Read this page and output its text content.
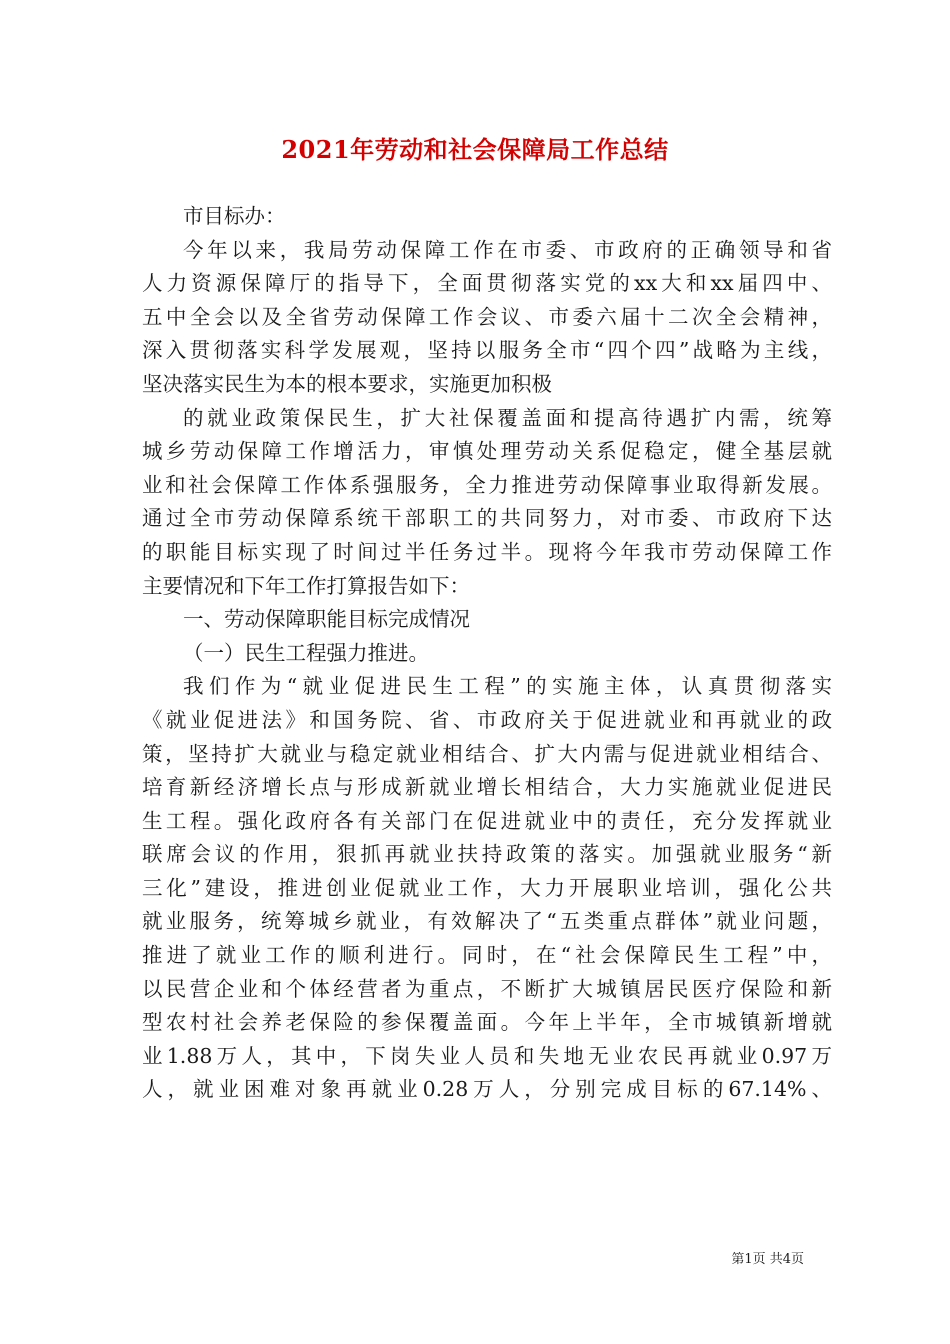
2021年劳动和社会保障局工作总结
市目标办：
今年以来，我局劳动保障工作在市委、市政府的正确领导和省
人力资源保障厅的指导下，全面贯彻落实党的xx大和xx届四中、
五中全会以及全省劳动保障工作会议、市委六届十二次全会精神，
深入贯彻落实科学发展观，坚持以服务全市“四个四”战略为主线，
坚决落实民生为本的根本要求，实施更加积极
的就业政策保民生，扩大社保覆盖面和提高待遇扩内需，统筹
城乡劳动保障工作增活力，审慎处理劳动关系促稳定，健全基层就
业和社会保障工作体系强服务，全力推进劳动保障事业取得新发展。
通过全市劳动保障系统干部职工的共同努力，对市委、市政府下达
的职能目标实现了时间过半任务过半。现将今年我市劳动保障工作
主要情况和下年工作打算报告如下：
一、劳动保障职能目标完成情况
（一）民生工程强力推进。
我们作为“就业促进民生工程”的实施主体，认真贯彻落实
《就业促进法》和国务院、省、市政府关于促进就业和再就业的政
策，坚持扩大就业与稳定就业相结合、扩大内需与促进就业相结合、
培育新经济增长点与形成新就业增长相结合，大力实施就业促进民
生工程。强化政府各有关部门在促进就业中的责任，充分发挥就业
联席会议的作用，狠抓再就业扶持政策的落实。加强就业服务“新
三化”建设，推进创业促就业工作，大力开展职业培训，强化公共
就业服务，统筹城乡就业，有效解决了“五类重点群体”就业问题，
推进了就业工作的顺利进行。同时，在“社会保障民生工程”中，
以民营企业和个体经营者为重点，不断扩大城镇居民医疗保险和新
型农村社会养老保险的参保覆盖面。今年上半年，全市城镇新增就
业1.88万人，其中，下岗失业人员和失地无业农民再就业0.97万
人，就业困难对象再就业0.28万人，分别完成目标的67.14%、
第1页 共4页
